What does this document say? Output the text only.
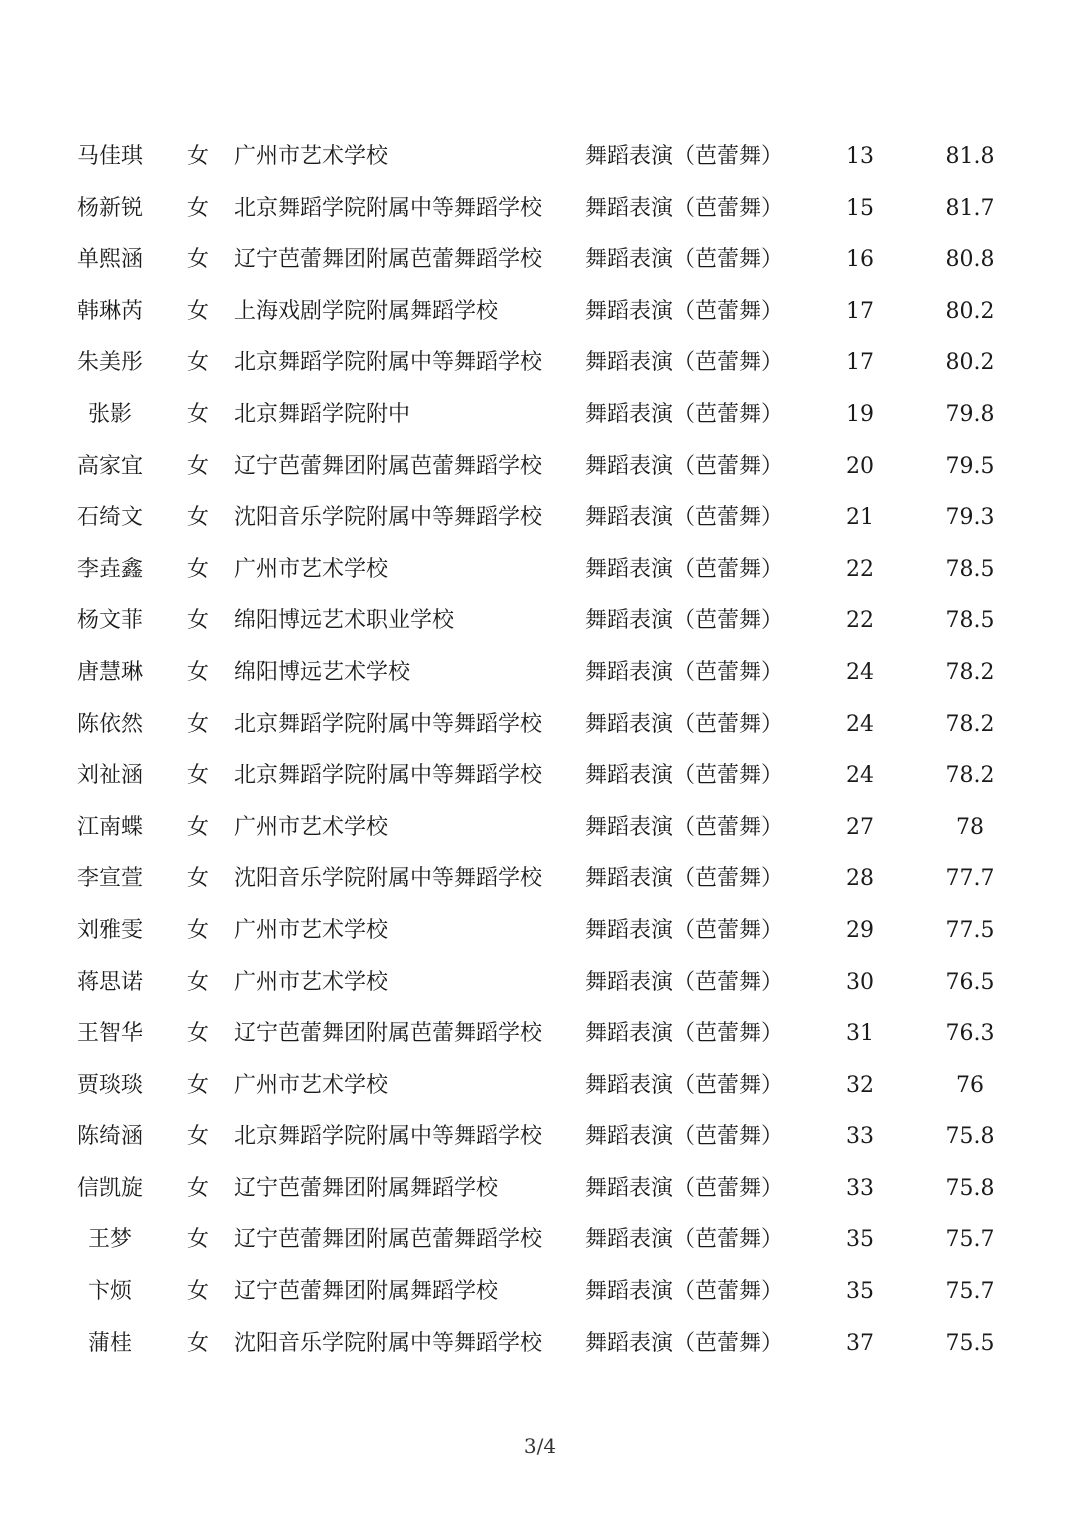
马佳琪	女	广州市艺术学校	舞蹈表演（芭蕾舞）	13	81.8
杨新锐	女	北京舞蹈学院附属中等舞蹈学校 舞蹈表演（芭蕾舞）	15	81.7
单熙涵	女	辽宁芭蕾舞团附属芭蕾舞蹈学校 舞蹈表演（芭蕾舞）	16	80.8
韩琳芮	女	上海戏剧学院附属舞蹈学校	舞蹈表演（芭蕾舞）	17	80.2
朱美彤	女	北京舞蹈学院附属中等舞蹈学校 舞蹈表演（芭蕾舞）	17	80.2
张影	女	北京舞蹈学院附中	舞蹈表演（芭蕾舞）	19	79.8
高家宜	女	辽宁芭蕾舞团附属芭蕾舞蹈学校 舞蹈表演（芭蕾舞）	20	79.5
石绮文	女	沈阳音乐学院附属中等舞蹈学校 舞蹈表演（芭蕾舞）	21	79.3
李垚鑫	女	广州市艺术学校	舞蹈表演（芭蕾舞）	22	78.5
杨文菲	女	绵阳博远艺术职业学校	舞蹈表演（芭蕾舞）	22	78.5
唐慧琳	女	绵阳博远艺术学校	舞蹈表演（芭蕾舞）	24	78.2
陈依然	女	北京舞蹈学院附属中等舞蹈学校 舞蹈表演（芭蕾舞）	24	78.2
刘祉涵	女	北京舞蹈学院附属中等舞蹈学校 舞蹈表演（芭蕾舞）	24	78.2
江南蝶	女	广州市艺术学校	舞蹈表演（芭蕾舞）	27	78
李宣萱	女	沈阳音乐学院附属中等舞蹈学校 舞蹈表演（芭蕾舞）	28	77.7
刘雅雯	女	广州市艺术学校	舞蹈表演（芭蕾舞）	29	77.5
蒋思诺	女	广州市艺术学校	舞蹈表演（芭蕾舞）	30	76.5
王智华	女	辽宁芭蕾舞团附属芭蕾舞蹈学校 舞蹈表演（芭蕾舞）	31	76.3
贾琰琰	女	广州市艺术学校	舞蹈表演（芭蕾舞）	32	76
陈绮涵	女	北京舞蹈学院附属中等舞蹈学校 舞蹈表演（芭蕾舞）	33	75.8
信凯旋	女	辽宁芭蕾舞团附属舞蹈学校	舞蹈表演（芭蕾舞）	33	75.8
王梦	女	辽宁芭蕾舞团附属芭蕾舞蹈学校 舞蹈表演（芭蕾舞）	35	75.7
卞烦	女	辽宁芭蕾舞团附属舞蹈学校	舞蹈表演（芭蕾舞）	35	75.7
蒲桂	女	沈阳音乐学院附属中等舞蹈学校 舞蹈表演（芭蕾舞）	37	75.5
3/4
